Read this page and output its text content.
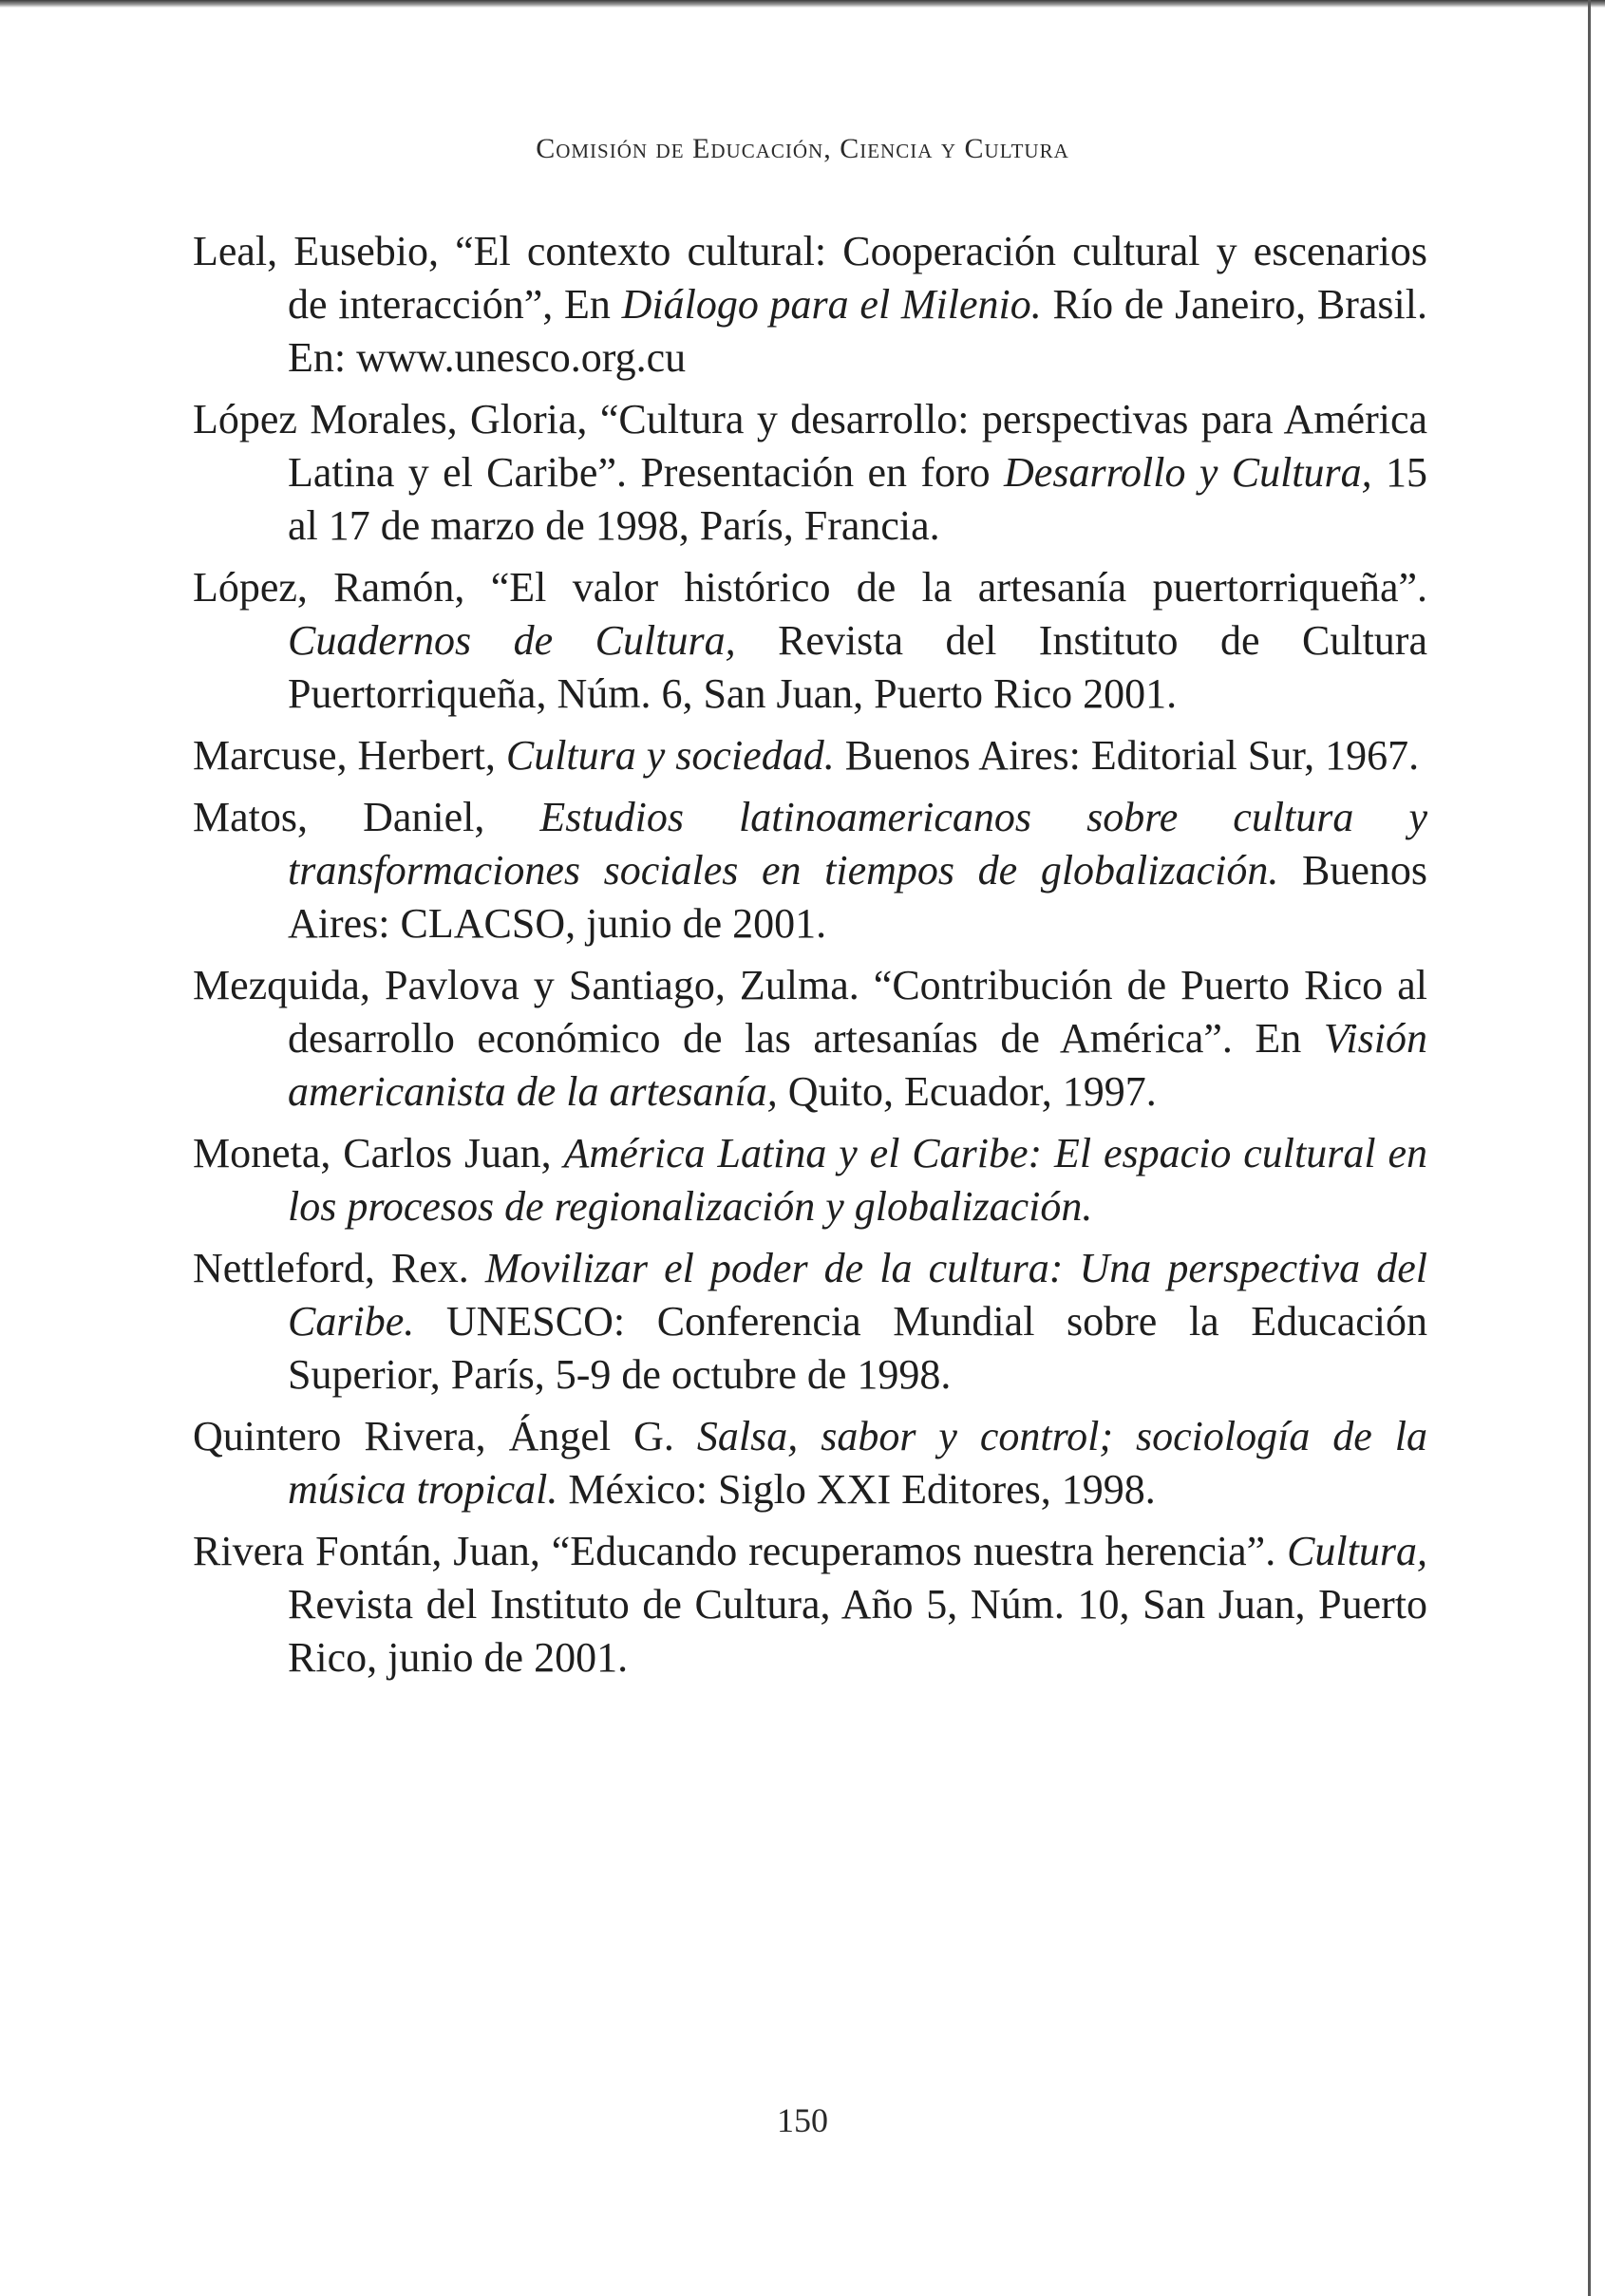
Comisión de Educación, Ciencia y Cultura
Leal, Eusebio, “El contexto cultural: Cooperación cultural y escenarios de interacción”, En Diálogo para el Milenio. Río de Janeiro, Brasil. En: www.unesco.org.cu
López Morales, Gloria, “Cultura y desarrollo: perspectivas para América Latina y el Caribe”. Presentación en foro Desarrollo y Cultura, 15 al 17 de marzo de 1998, París, Francia.
López, Ramón, “El valor histórico de la artesanía puertorriqueña”. Cuadernos de Cultura, Revista del Instituto de Cultura Puertorriqueña, Núm. 6, San Juan, Puerto Rico 2001.
Marcuse, Herbert, Cultura y sociedad. Buenos Aires: Editorial Sur, 1967.
Matos, Daniel, Estudios latinoamericanos sobre cultura y transformaciones sociales en tiempos de globalización. Buenos Aires: CLACSO, junio de 2001.
Mezquida, Pavlova y Santiago, Zulma. “Contribución de Puerto Rico al desarrollo económico de las artesanías de América”. En Visión americanista de la artesanía, Quito, Ecuador, 1997.
Moneta, Carlos Juan, América Latina y el Caribe: El espacio cultural en los procesos de regionalización y globalización.
Nettleford, Rex. Movilizar el poder de la cultura: Una perspectiva del Caribe. UNESCO: Conferencia Mundial sobre la Educación Superior, París, 5-9 de octubre de 1998.
Quintero Rivera, Ángel G. Salsa, sabor y control; sociología de la música tropical. México: Siglo XXI Editores, 1998.
Rivera Fontán, Juan, “Educando recuperamos nuestra herencia”. Cultura, Revista del Instituto de Cultura, Año 5, Núm. 10, San Juan, Puerto Rico, junio de 2001.
150
